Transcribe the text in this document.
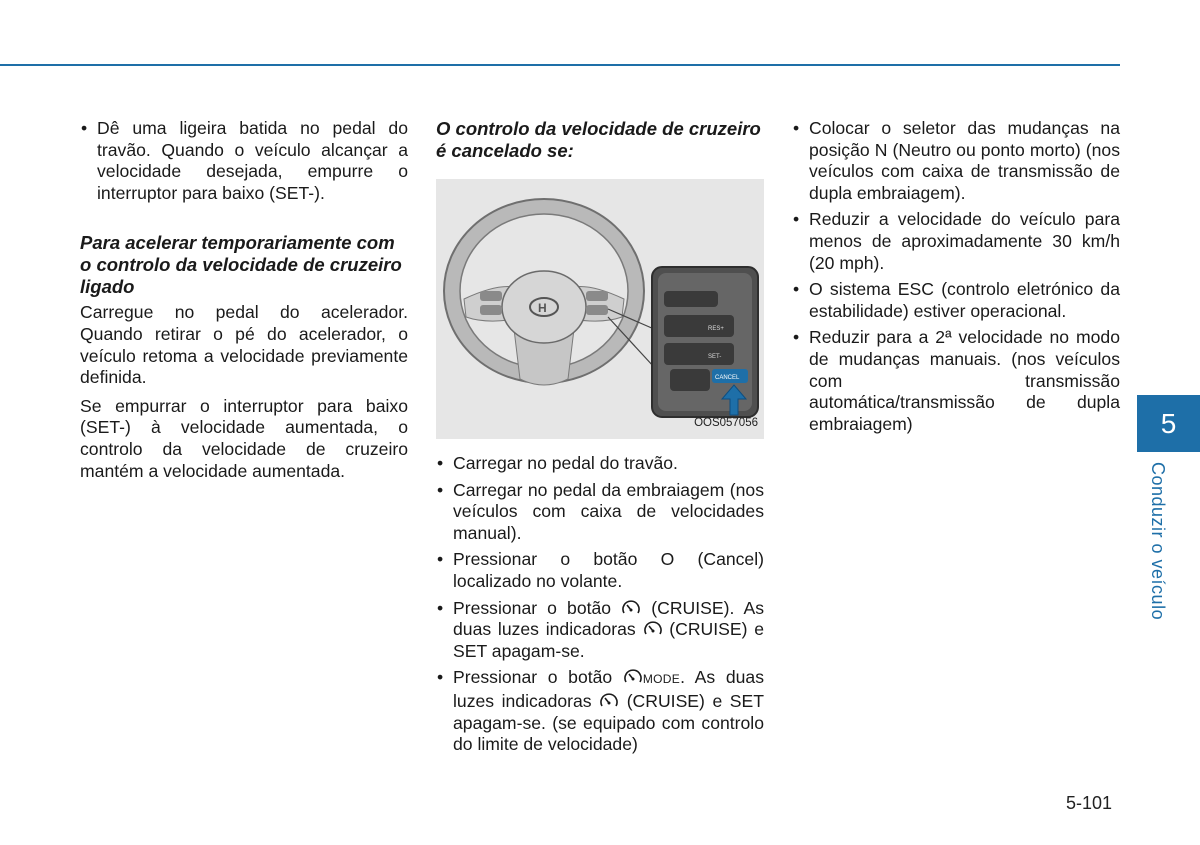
• Dê uma ligeira batida no pedal do travão. Quando o veículo alcançar a velocidade desejada, empurre o interruptor para baixo (SET-).
Para acelerar temporariamente com o controlo da velocidade de cruzeiro ligado

Carregue no pedal do acelerador. Quando retirar o pé do acelerador, o veículo retoma a velocidade previamente definida.

Se empurrar o interruptor para baixo (SET-) à velocidade aumentada, o controlo da velocidade de cruzeiro mantém a velocidade aumentada.

O controlo da velocidade de cruzeiro é cancelado se:
H
RES+
SET-
CANCEL
OOS057056
• Carregar no pedal do travão.
• Carregar no pedal da embraiagem (nos veículos com caixa de velocidades manual).
• Pressionar o botão O (Cancel) localizado no volante.
• Pressionar o botão (CRUISE). As duas luzes indicadoras (CRUISE) e SET apagam-se.
• Pressionar o botão	MODE. As duas luzes indicadoras (CRUISE) e SET apagam-se. (se equipado com controlo do limite de velocidade)
• Colocar o seletor das mudanças na posição N (Neutro ou ponto morto) (nos veículos com caixa de transmissão de dupla embraiagem).
• Reduzir a velocidade do veículo para menos de aproximadamente 30 km/h (20 mph).
• O sistema ESC (controlo eletrónico da estabilidade) estiver operacional.
• Reduzir para a 2ª velocidade no modo de mudanças manuais. (nos veículos com transmissão automática/transmissão de dupla embraiagem)	5
Conduzir o veículo
5-101
